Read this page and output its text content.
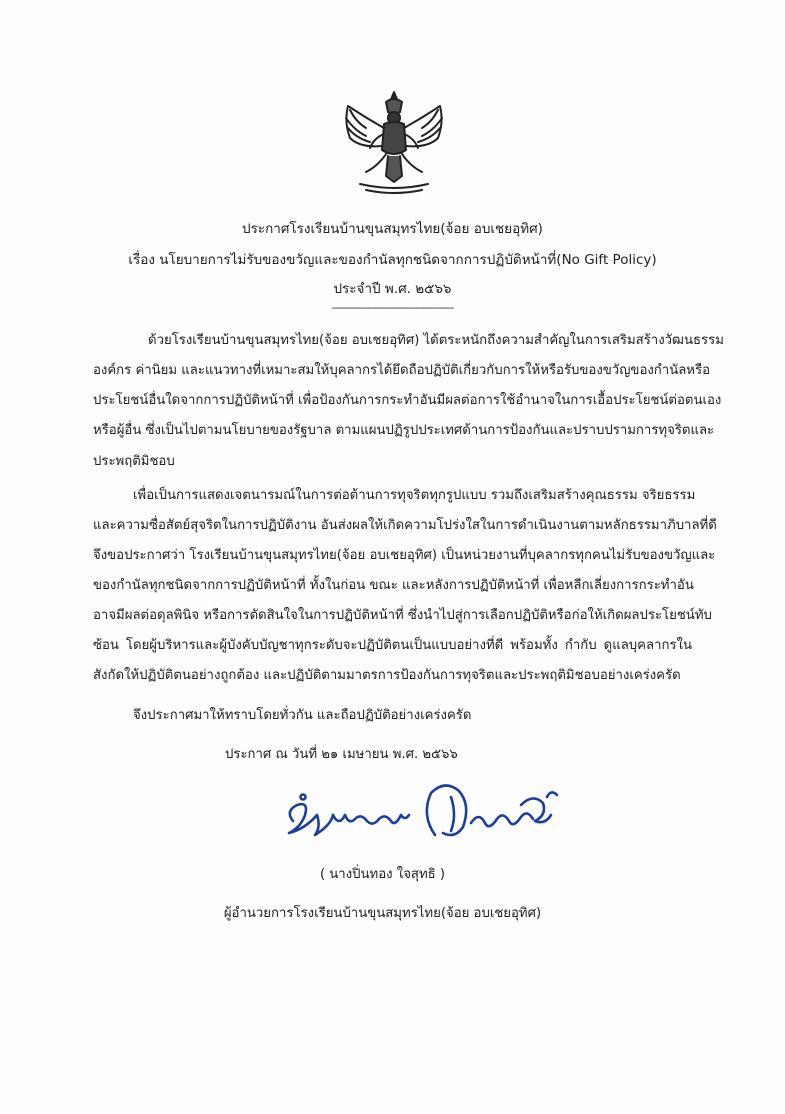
ประกาศโรงเรียนบ้านขุนสมุทรไทย(จ้อย อบเชยอุทิศ)
เรื่อง นโยบายการไม่รับของขวัญและของกำนัลทุกชนิดจากการปฏิบัติหน้าที่(No Gift Policy)
ประจำปี พ.ศ. ๒๕๖๖
-----------------------------------------
ด้วยโรงเรียนบ้านขุนสมุทรไทย(จ้อย อบเชยอุทิศ) ได้ตระหนักถึงความสำคัญในการเสริมสร้างวัฒนธรรม
องค์กร ค่านิยม และแนวทางที่เหมาะสมให้บุคลากรได้ยึดถือปฏิบัติเกี่ยวกับการให้หรือรับของขวัญของกำนัลหรือ
ประโยชน์อื่นใดจากการปฏิบัติหน้าที่ เพื่อป้องกันการกระทำอันมีผลต่อการใช้อำนาจในการเอื้อประโยชน์ต่อตนเอง
หรือผู้อื่น ซึ่งเป็นไปตามนโยบายของรัฐบาล ตามแผนปฏิรูปประเทศด้านการป้องกันและปราบปรามการทุจริตและ
ประพฤติมิชอบ
เพื่อเป็นการแสดงเจตนารมณ์ในการต่อต้านการทุจริตทุกรูปแบบ รวมถึงเสริมสร้างคุณธรรม จริยธรรม
และความซื่อสัตย์สุจริตในการปฏิบัติงาน อันส่งผลให้เกิดความโปร่งใสในการดำเนินงานตามหลักธรรมาภิบาลที่ดี
จึงขอประกาศว่า โรงเรียนบ้านขุนสมุทรไทย(จ้อย อบเชยอุทิศ) เป็นหน่วยงานที่บุคลากรทุกคนไม่รับของขวัญและ
ของกำนัลทุกชนิดจากการปฏิบัติหน้าที่ ทั้งในก่อน ขณะ และหลังการปฏิบัติหน้าที่ เพื่อหลีกเลี่ยงการกระทำอัน
อาจมีผลต่อดุลพินิจ หรือการตัดสินใจในการปฏิบัติหน้าที่ ซึ่งนำไปสู่การเลือกปฏิบัติหรือก่อให้เกิดผลประโยชน์ทับ
ซ้อน โดยผู้บริหารและผู้บังคับบัญชาทุกระดับจะปฏิบัติตนเป็นแบบอย่างที่ดี พร้อมทั้ง กำกับ ดูแลบุคลากรใน
สังกัดให้ปฏิบัติตนอย่างถูกต้อง และปฏิบัติตามมาตรการป้องกันการทุจริตและประพฤติมิชอบอย่างเคร่งครัด
จึงประกาศมาให้ทราบโดยทั่วกัน และถือปฏิบัติอย่างเคร่งครัด
ประกาศ ณ วันที่ ๒๑ เมษายน พ.ศ. ๒๕๖๖
( นางปิ่นทอง ใจสุทธิ )
ผู้อำนวยการโรงเรียนบ้านขุนสมุทรไทย(จ้อย อบเชยอุทิศ)
